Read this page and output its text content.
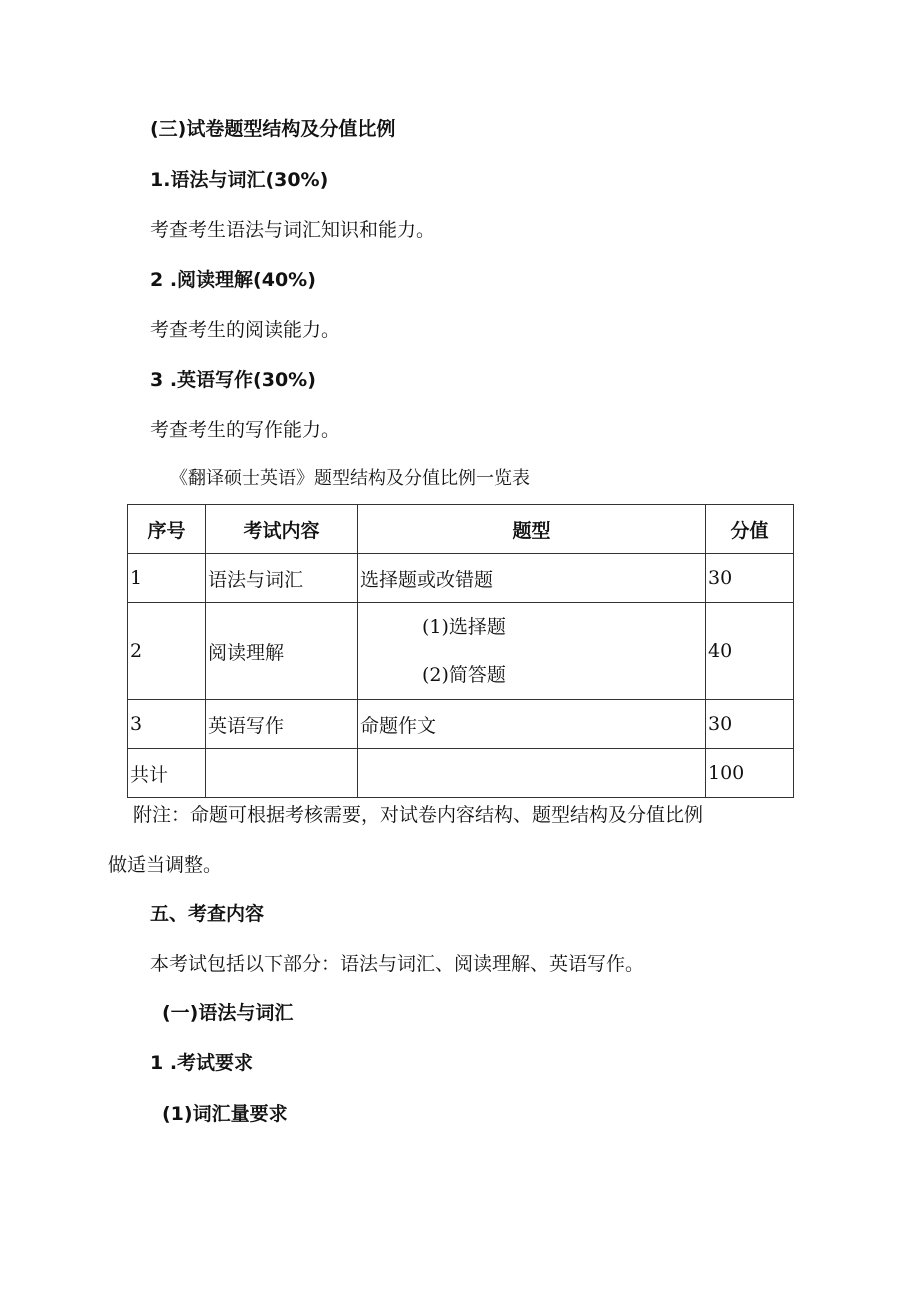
(三)试卷题型结构及分值比例
1.语法与词汇(30%)
考查考生语法与词汇知识和能力。
2 .阅读理解(40%)
考查考生的阅读能力。
3 .英语写作(30%)
考查考生的写作能力。
《翻译硕士英语》题型结构及分值比例一览表
序号	考试内容	题型	分值
1	语法与词汇	选择题或改错题	30
2	阅读理解	(1)选择题
(2)简答题	40
3	英语写作	命题作文	30
共计			100
附注：命题可根据考核需要，对试卷内容结构、题型结构及分值比例
做适当调整。
五、考查内容
本考试包括以下部分：语法与词汇、阅读理解、英语写作。
(一)语法与词汇
1 .考试要求
(1)词汇量要求
